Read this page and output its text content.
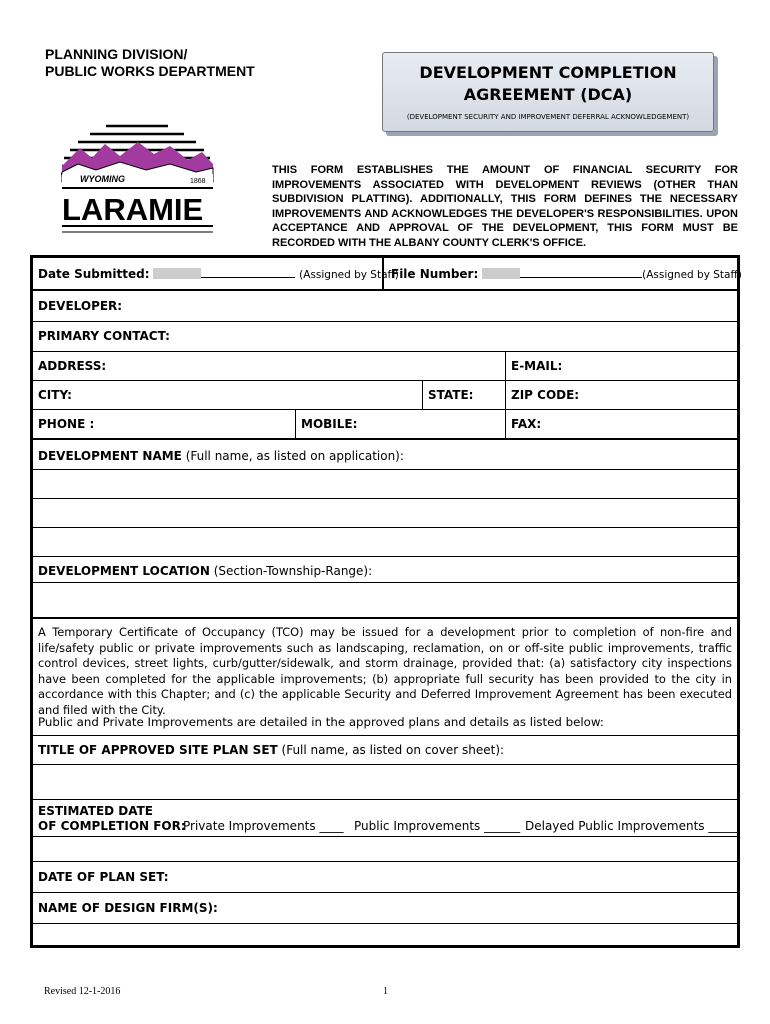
PLANNING DIVISION/
PUBLIC WORKS DEPARTMENT	DEVELOPMENT COMPLETION
AGREEMENT (DCA)
(DEVELOPMENT SECURITY AND IMPROVEMENT DEFERRAL ACKNOWLEDGEMENT)
WYOMING	1868
LARAMIE
THIS FORM ESTABLISHES THE AMOUNT OF FINANCIAL SECURITY FOR IMPROVEMENTS ASSOCIATED WITH DEVELOPMENT REVIEWS (OTHER THAN SUBDIVISION PLATTING). ADDITIONALLY, THIS FORM DEFINES THE NECESSARY IMPROVEMENTS AND ACKNOWLEDGES THE DEVELOPER'S RESPONSIBILITIES. UPON ACCEPTANCE AND APPROVAL OF THE DEVELOPMENT, THIS FORM MUST BE RECORDED WITH THE ALBANY COUNTY CLERK'S OFFICE.
Date Submitted:	(Assigned by Staff)
File Number:	(Assigned by Staff)
DEVELOPER:
PRIMARY CONTACT:
ADDRESS:	E-MAIL:
CITY:	STATE:	ZIP CODE:
PHONE :	MOBILE:	FAX:
DEVELOPMENT NAME (Full name, as listed on application):
DEVELOPMENT LOCATION (Section-Township-Range):
A Temporary Certificate of Occupancy (TCO) may be issued for a development prior to completion of non-fire and life/safety public or private improvements such as landscaping, reclamation, on or off-site public improvements, traffic control devices, street lights, curb/gutter/sidewalk, and storm drainage, provided that: (a) satisfactory city inspections have been completed for the applicable improvements; (b) appropriate full security has been provided to the city in accordance with this Chapter; and (c) the applicable Security and Deferred Improvement Agreement has been executed and filed with the City.
Public and Private Improvements are detailed in the approved plans and details as listed below:
TITLE OF APPROVED SITE PLAN SET (Full name, as listed on cover sheet):
ESTIMATED DATE
OF COMPLETION FOR:
Private Improvements ____ Public Improvements ______ Delayed Public Improvements _____
DATE OF PLAN SET:
NAME OF DESIGN FIRM(S):
Revised 12-1-2016	1
